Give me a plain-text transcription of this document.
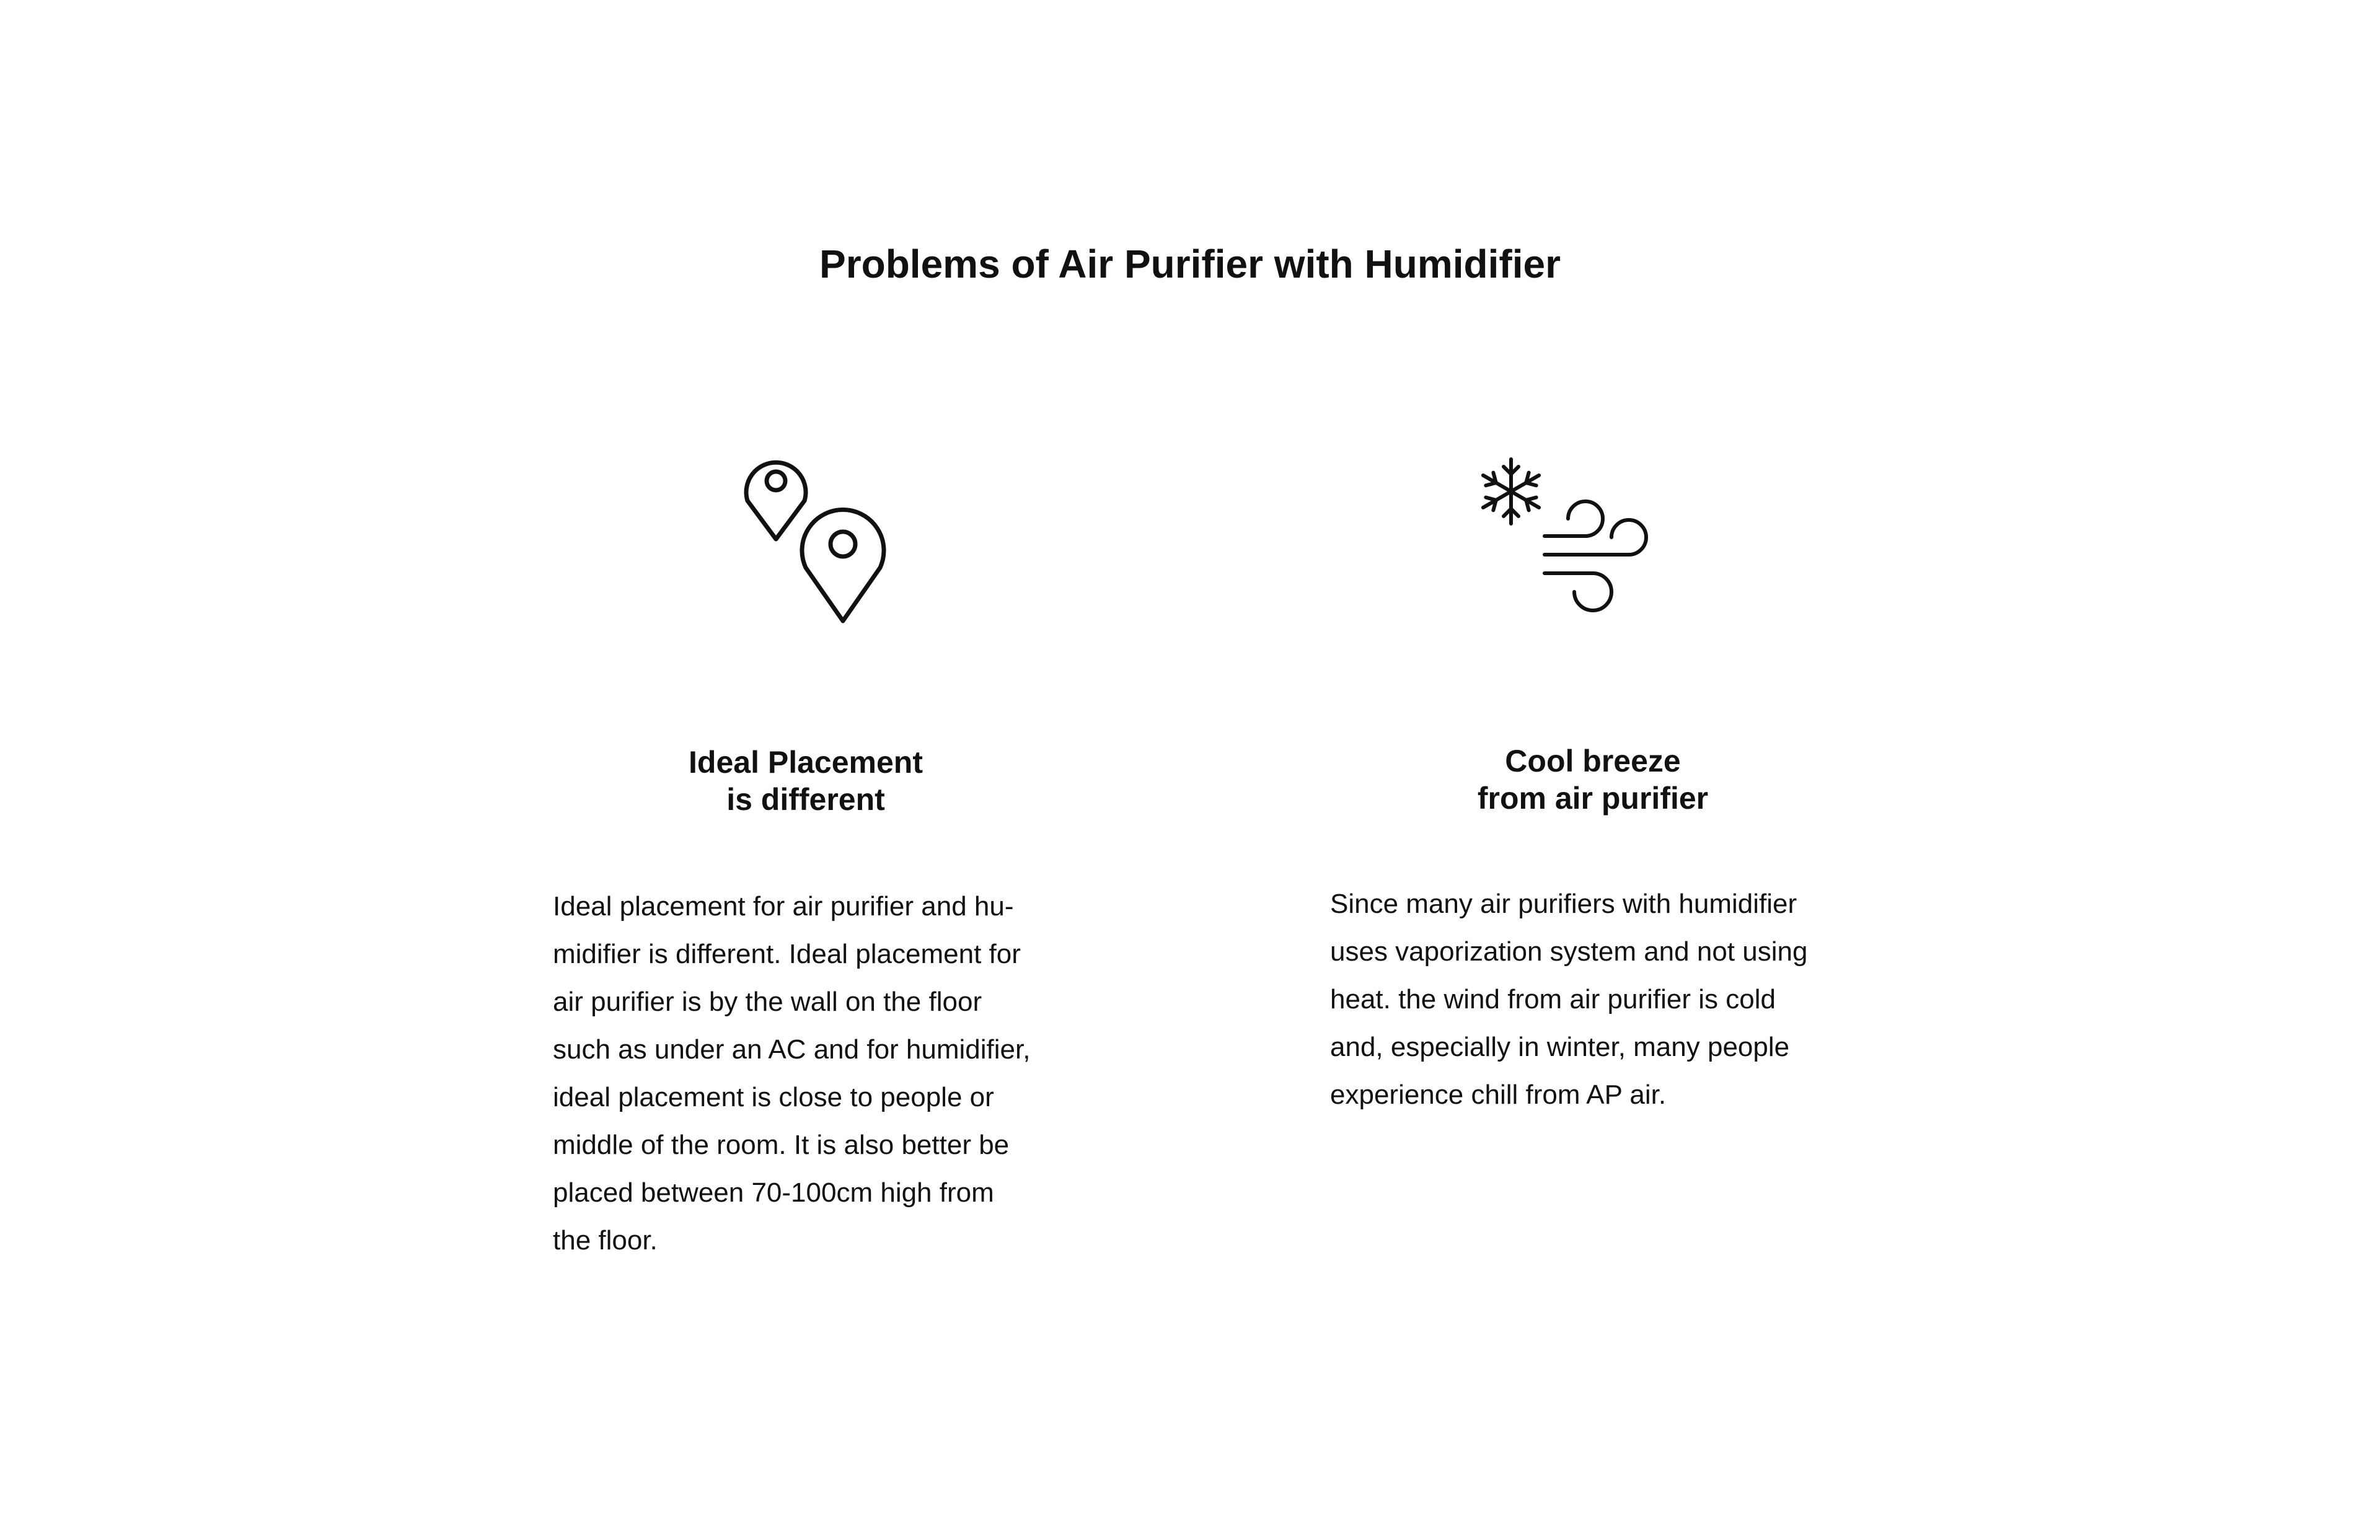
Problems of Air Purifier with Humidifier
Ideal Placement
is different
Ideal placement for air purifier and hu-
midifier is different. Ideal placement for
air purifier is by the wall on the floor
such as under an AC and for humidifier,
ideal placement is close to people or
middle of the room. It is also better be
placed between 70-100cm high from
the floor.
Cool breeze
from air purifier
Since many air purifiers with humidifier
uses vaporization system and not using
heat. the wind from air purifier is cold
and, especially in winter, many people
experience chill from AP air.
